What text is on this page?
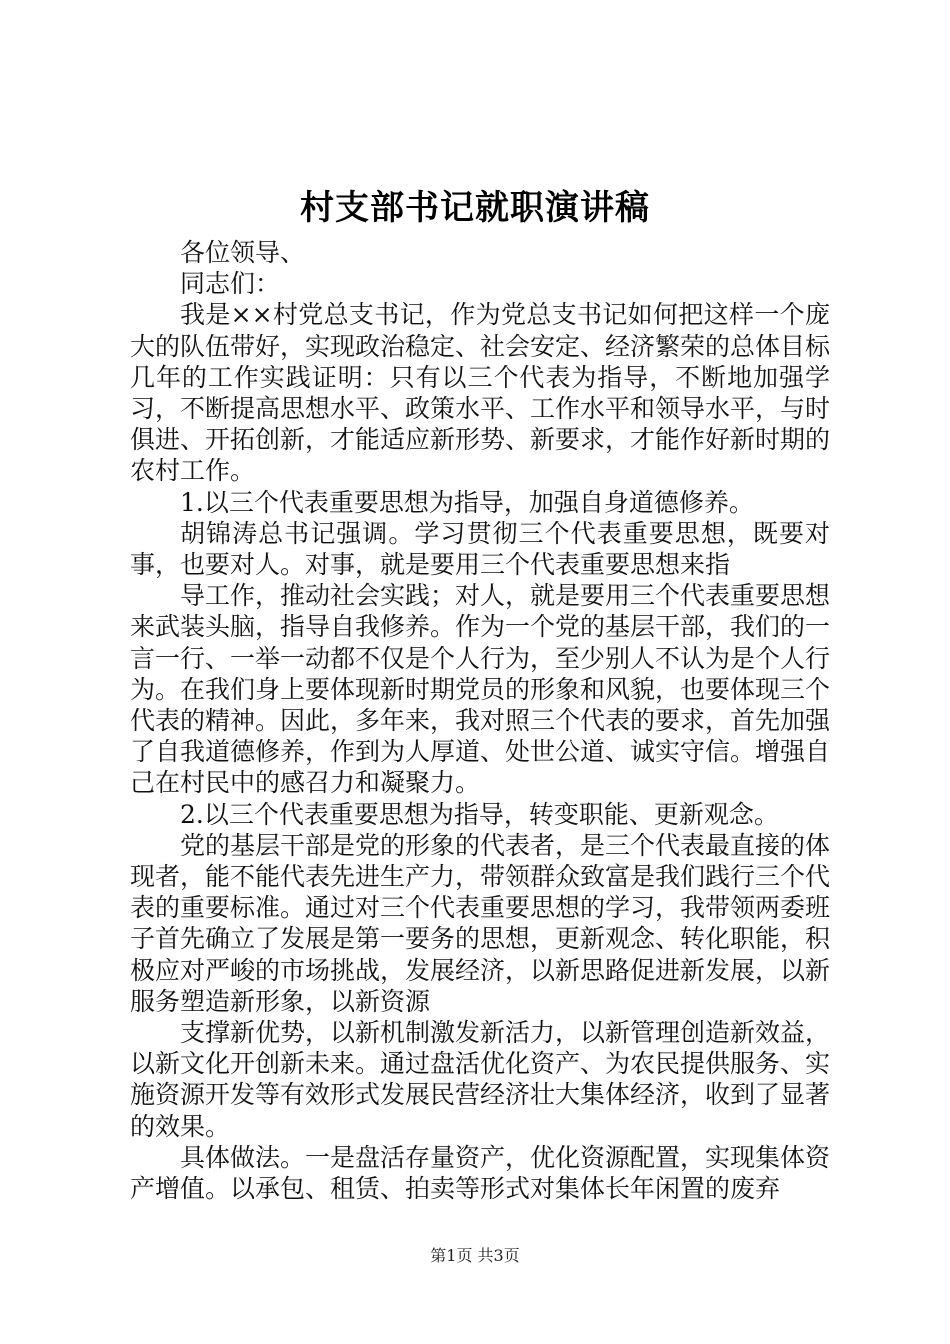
村支部书记就职演讲稿

各位领导、

同志们：

我是××村党总支书记，作为党总支书记如何把这样一个庞大的队伍带好，实现政治稳定、社会安定、经济繁荣的总体目标几年的工作实践证明：只有以三个代表为指导，不断地加强学习，不断提高思想水平、政策水平、工作水平和领导水平，与时俱进、开拓创新，才能适应新形势、新要求，才能作好新时期的农村工作。

1.以三个代表重要思想为指导，加强自身道德修养。

胡锦涛总书记强调。学习贯彻三个代表重要思想，既要对事，也要对人。对事，就是要用三个代表重要思想来指

导工作，推动社会实践；对人，就是要用三个代表重要思想来武装头脑，指导自我修养。作为一个党的基层干部，我们的一言一行、一举一动都不仅是个人行为，至少别人不认为是个人行为。在我们身上要体现新时期党员的形象和风貌，也要体现三个代表的精神。因此，多年来，我对照三个代表的要求，首先加强了自我道德修养，作到为人厚道、处世公道、诚实守信。增强自己在村民中的感召力和凝聚力。

2.以三个代表重要思想为指导，转变职能、更新观念。

党的基层干部是党的形象的代表者，是三个代表最直接的体现者，能不能代表先进生产力，带领群众致富是我们践行三个代表的重要标准。通过对三个代表重要思想的学习，我带领两委班子首先确立了发展是第一要务的思想，更新观念、转化职能，积极应对严峻的市场挑战，发展经济，以新思路促进新发展，以新服务塑造新形象，以新资源

支撑新优势，以新机制激发新活力，以新管理创造新效益，以新文化开创新未来。通过盘活优化资产、为农民提供服务、实施资源开发等有效形式发展民营经济壮大集体经济，收到了显著的效果。

具体做法。一是盘活存量资产，优化资源配置，实现集体资产增值。以承包、租赁、拍卖等形式对集体长年闲置的废弃

第1页 共3页
